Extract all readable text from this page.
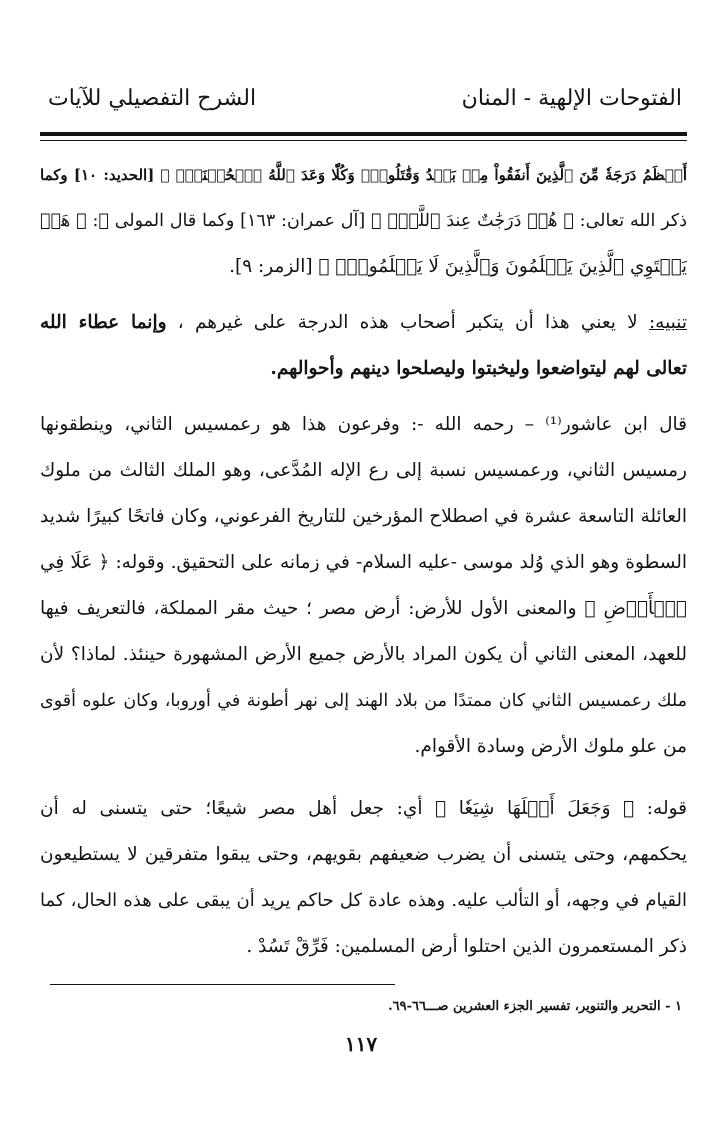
الفتوحات الإلهية - المنان
الشرح التفصيلي للآيات
أَعۡظَمُ دَرَجَةٗ مِّنَ ٱلَّذِينَ أَنفَقُواْ مِنۢ بَعۡدُ وَقَٰتَلُواْۚ وَكُلّٗا وَعَدَ ٱللَّهُ ٱلۡحُسۡنَىٰۚ ﴾ [الحديد: ١٠] وكما
ذكر الله تعالى: ﴿ هُمۡ دَرَجَٰتٌ عِندَ ٱللَّهِۗ ﴾ [آل عمران: ١٦٣] وكما قال المولى ﷻ: ﴿ هَلۡ
يَسۡتَوِي ٱلَّذِينَ يَعۡلَمُونَ وَٱلَّذِينَ لَا يَعۡلَمُونَۗ ﴾ [الزمر: ٩].
تنبيه: لا يعني هذا أن يتكبر أصحاب هذه الدرجة على غيرهم ، وإنما عطاء الله
تعالى لهم ليتواضعوا وليخبتوا وليصلحوا دينهم وأحوالهم.
قال ابن عاشور⁽¹⁾ – رحمه الله -: وفرعون هذا هو رعمسيس الثاني، وينطقونها
رمسيس الثاني، ورعمسيس نسبة إلى رع الإله المُدَّعى، وهو الملك الثالث من ملوك
العائلة التاسعة عشرة في اصطلاح المؤرخين للتاريخ الفرعوني، وكان فاتحًا كبيرًا شديد
السطوة وهو الذي وُلد موسى -عليه السلام- في زمانه على التحقيق. وقوله: ﴿ عَلَا فِي
ٱلۡأَرۡضِ ﴾ والمعنى الأول للأرض: أرض مصر ؛ حيث مقر المملكة، فالتعريف فيها
للعهد، المعنى الثاني أن يكون المراد بالأرض جميع الأرض المشهورة حينئذ. لماذا؟ لأن
ملك رعمسيس الثاني كان ممتدًا من بلاد الهند إلى نهر أطونة في أوروبا، وكان علوه أقوى
من علو ملوك الأرض وسادة الأقوام.
قوله: ﴿ وَجَعَلَ أَهۡلَهَا شِيَعٗا ﴾ أي: جعل أهل مصر شيعًا؛ حتى يتسنى له أن
يحكمهم، وحتى يتسنى أن يضرب ضعيفهم بقويهم، وحتى يبقوا متفرقين لا يستطيعون
القيام في وجهه، أو التألب عليه. وهذه عادة كل حاكم يريد أن يبقى على هذه الحال، كما
ذكر المستعمرون الذين احتلوا أرض المسلمين: فَرِّقْ تَسُدْ .
١ - التحرير والتنوير، تفسير الجزء العشرين صـــ٦٦-٦٩.
١١٧
